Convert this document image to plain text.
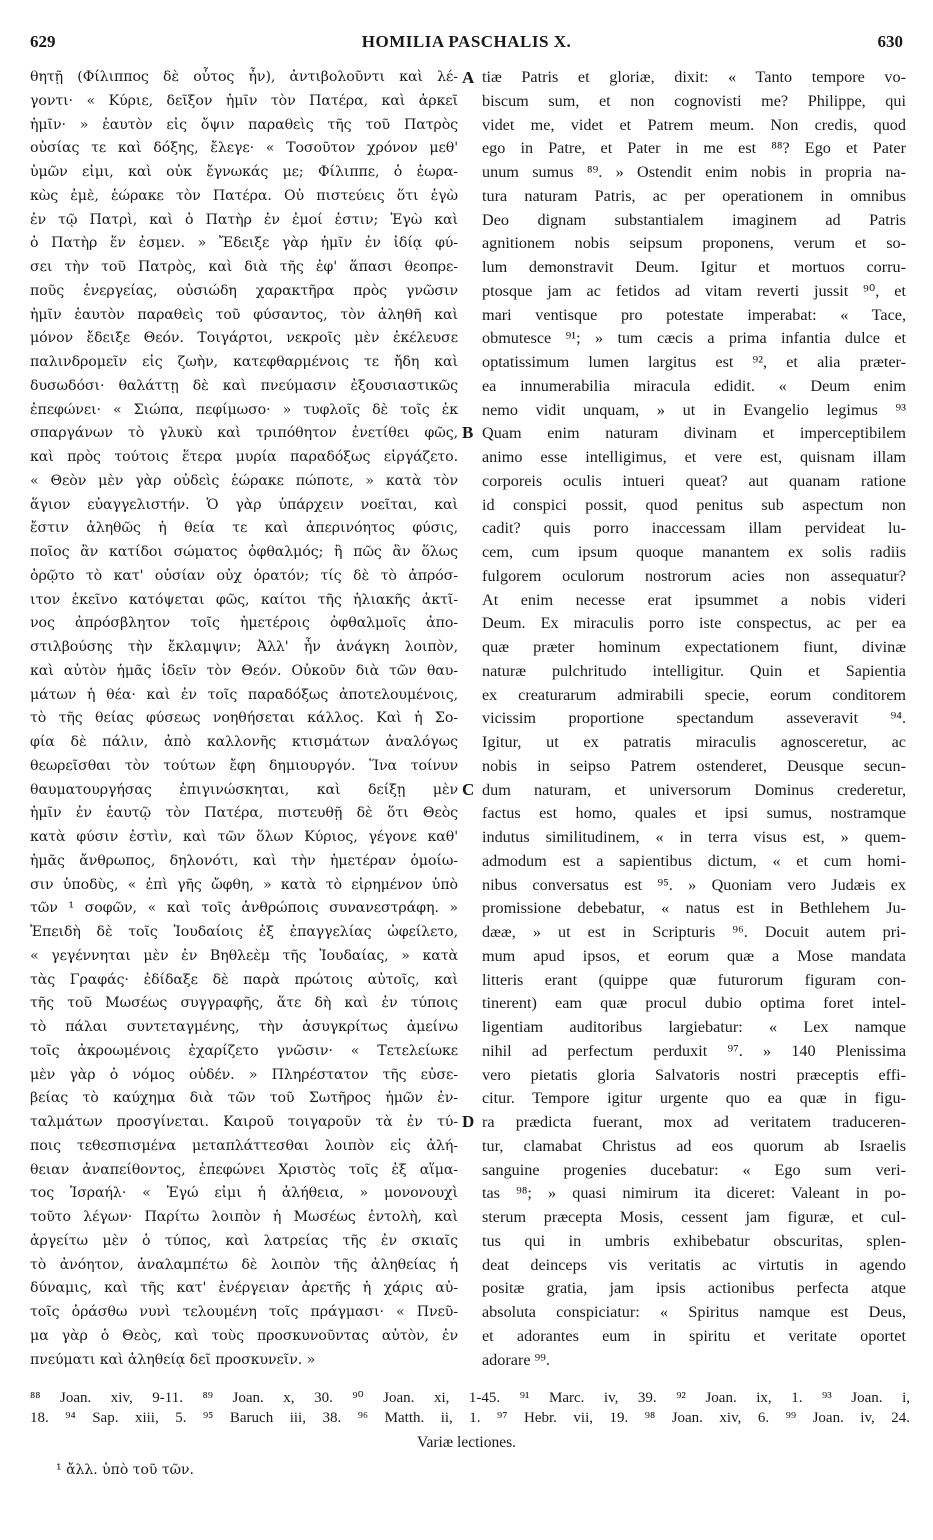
629	HOMILIA PASCHALIS X.	630
θητῇ (Φίλιππος δὲ οὗτος ἦν), ἀντιβολοῦντι καὶ λέ-
γοντι· « Κύριε, δεῖξον ἡμῖν τὸν Πατέρα, καὶ ἀρκεῖ
ἡμῖν· » ἑαυτὸν εἰς ὄψιν παραθεὶς τῆς τοῦ Πατρὸς
οὐσίας τε καὶ δόξης, ἔλεγε· « Τοσοῦτον χρόνον μεθ'
ὑμῶν εἰμι, καὶ οὐκ ἔγνωκάς με; Φίλιππε, ὁ ἑωρα-
κὼς ἐμὲ, ἑώρακε τὸν Πατέρα. Οὐ πιστεύεις ὅτι ἐγὼ
ἐν τῷ Πατρὶ, καὶ ὁ Πατὴρ ἐν ἐμοί ἐστιν; Ἐγὼ καὶ
ὁ Πατὴρ ἕν ἐσμεν. » Ἔδειξε γὰρ ἡμῖν ἐν ἰδίᾳ φύ-
σει τὴν τοῦ Πατρὸς, καὶ διὰ τῆς ἐφ' ἅπασι θεοπρε-
ποῦς ἐνεργείας, οὐσιώδη χαρακτῆρα πρὸς γνῶσιν
ἡμῖν ἑαυτὸν παραθεὶς τοῦ φύσαντος, τὸν ἀληθῆ καὶ
μόνον ἔδειξε Θεόν. Τοιγάρτοι, νεκροῖς μὲν ἐκέλευσε
παλινδρομεῖν εἰς ζωὴν, κατεφθαρμένοις τε ἤδη καὶ
δυσωδόσι· θαλάττῃ δὲ καὶ πνεύμασιν ἐξουσιαστικῶς
ἐπεφώνει· « Σιώπα, πεφίμωσο· » τυφλοῖς δὲ τοῖς ἐκ
σπαργάνων τὸ γλυκὺ καὶ τριπόθητον ἐνετίθει φῶς,
καὶ πρὸς τούτοις ἕτερα μυρία παραδόξως εἰργάζετο.
« Θεὸν μὲν γὰρ οὐδεὶς ἑώρακε πώποτε, » κατὰ τὸν
ἅγιον εὐαγγελιστήν. Ὁ γὰρ ὑπάρχειν νοεῖται, καὶ
ἔστιν ἀληθῶς ἡ θεία τε καὶ ἀπερινόητος φύσις,
ποῖος ἂν κατίδοι σώματος ὀφθαλμός; ἢ πῶς ἂν ὅλως
ὀρῷτο τὸ κατ' οὐσίαν οὐχ ὁρατόν; τίς δὲ τὸ ἀπρόσ-
ιτον ἐκεῖνο κατόψεται φῶς, καίτοι τῆς ἡλιακῆς ἀκτῖ-
νος ἀπρόσβλητον τοῖς ἡμετέροις ὀφθαλμοῖς ἀπο-
στιλβούσης τὴν ἔκλαμψιν; Ἀλλ' ἦν ἀνάγκη λοιπὸν,
καὶ αὐτὸν ἡμᾶς ἰδεῖν τὸν Θεόν. Οὐκοῦν διὰ τῶν θαυ-
μάτων ἡ θέα· καὶ ἐν τοῖς παραδόξως ἀποτελουμένοις,
τὸ τῆς θείας φύσεως νοηθήσεται κάλλος. Καὶ ἡ Σο-
φία δὲ πάλιν, ἀπὸ καλλονῆς κτισμάτων ἀναλόγως
θεωρεῖσθαι τὸν τούτων ἔφη δημιουργόν. Ἵνα τοίνυν
θαυματουργήσας ἐπιγινώσκηται, καὶ δείξῃ μὲν
ἡμῖν ἐν ἑαυτῷ τὸν Πατέρα, πιστευθῇ δὲ ὅτι Θεὸς
κατὰ φύσιν ἐστὶν, καὶ τῶν ὅλων Κύριος, γέγονε καθ'
ἡμᾶς ἄνθρωπος, δηλονότι, καὶ τὴν ἡμετέραν ὁμοίω-
σιν ὑποδὺς, « ἐπὶ γῆς ὤφθη, » κατὰ τὸ εἰρημένον ὑπὸ
τῶν ¹ σοφῶν, « καὶ τοῖς ἀνθρώποις συνανεστράφη. »
Ἐπειδὴ δὲ τοῖς Ἰουδαίοις ἐξ ἐπαγγελίας ὠφείλετο,
« γεγέννηται μὲν ἐν Βηθλεὲμ τῆς Ἰουδαίας, » κατὰ
τὰς Γραφάς· ἐδίδαξε δὲ παρὰ πρώτοις αὐτοῖς, καὶ
τῆς τοῦ Μωσέως συγγραφῆς, ἅτε δὴ καὶ ἐν τύποις
τὸ πάλαι συντεταγμένης, τὴν ἀσυγκρίτως ἀμείνω
τοῖς ἀκροωμένοις ἐχαρίζετο γνῶσιν· « Τετελείωκε
μὲν γὰρ ὁ νόμος οὐδέν. » Πληρέστατον τῆς εὐσε-
βείας τὸ καύχημα διὰ τῶν τοῦ Σωτῆρος ἡμῶν ἐν-
ταλμάτων προσγίνεται. Καιροῦ τοιγαροῦν τὰ ἐν τύ-
ποις τεθεσπισμένα μεταπλάττεσθαι λοιπὸν εἰς ἀλή-
θειαν ἀναπείθοντος, ἐπεφώνει Χριστὸς τοῖς ἐξ αἵμα-
τος Ἰσραήλ· « Ἐγώ εἰμι ἡ ἀλήθεια, » μονονουχὶ
τοῦτο λέγων· Παρίτω λοιπὸν ἡ Μωσέως ἐντολὴ, καὶ
ἀργείτω μὲν ὁ τύπος, καὶ λατρείας τῆς ἐν σκιαῖς
τὸ ἀνόητον, ἀναλαμπέτω δὲ λοιπὸν τῆς ἀληθείας ἡ
δύναμις, καὶ τῆς κατ' ἐνέργειαν ἀρετῆς ἡ χάρις αὐ-
τοῖς ὁράσθω νυνὶ τελουμένη τοῖς πράγμασι· « Πνεῦ-
μα γὰρ ὁ Θεὸς, καὶ τοὺς προσκυνοῦντας αὐτὸν, ἐν
πνεύματι καὶ ἀληθείᾳ δεῖ προσκυνεῖν. »
tiæ Patris et gloriæ, dixit: « Tanto tempore vo-
biscum sum, et non cognovisti me? Philippe, qui
videt me, videt et Patrem meum. Non credis, quod
ego in Patre, et Pater in me est ⁸⁸? Ego et Pater
unum sumus ⁸⁹. » Ostendit enim nobis in propria na-
tura naturam Patris, ac per operationem in omnibus
Deo dignam substantialem imaginem ad Patris
agnitionem nobis seipsum proponens, verum et so-
lum demonstravit Deum. Igitur et mortuos corru-
ptosque jam ac fetidos ad vitam reverti jussit ⁹⁰, et
mari ventisque pro potestate imperabat: « Tace,
obmutesce ⁹¹; » tum cæcis a prima infantia dulce et
optatissimum lumen largitus est ⁹², et alia præter-
ea innumerabilia miracula edidit. « Deum enim
nemo vidit unquam, » ut in Evangelio legimus ⁹³
Quam enim naturam divinam et imperceptibilem
animo esse intelligimus, et vere est, quisnam illam
corporeis oculis intueri queat? aut quanam ratione
id conspici possit, quod penitus sub aspectum non
cadit? quis porro inaccessam illam pervideat lu-
cem, cum ipsum quoque manantem ex solis radiis
fulgorem oculorum nostrorum acies non assequatur?
At enim necesse erat ipsummet a nobis videri
Deum. Ex miraculis porro iste conspectus, ac per ea
quæ præter hominum expectationem fiunt, divinæ
naturæ pulchritudo intelligitur. Quin et Sapientia
ex creaturarum admirabili specie, eorum conditorem
vicissim proportione spectandum asseveravit ⁹⁴.
Igitur, ut ex patratis miraculis agnosceretur, ac
nobis in seipso Patrem ostenderet, Deusque secun-
dum naturam, et universorum Dominus crederetur,
factus est homo, quales et ipsi sumus, nostramque
indutus similitudinem, « in terra visus est, » quem-
admodum est a sapientibus dictum, « et cum homi-
nibus conversatus est ⁹⁵. » Quoniam vero Judæis ex
promissione debebatur, « natus est in Bethlehem Ju-
dææ, » ut est in Scripturis ⁹⁶. Docuit autem pri-
mum apud ipsos, et eorum quæ a Mose mandata
litteris erant (quippe quæ futurorum figuram con-
tinerent) eam quæ procul dubio optima foret intel-
ligentiam auditoribus largiebatur: « Lex namque
nihil ad perfectum perduxit ⁹⁷. » 140 Plenissima
vero pietatis gloria Salvatoris nostri præceptis effi-
citur. Tempore igitur urgente quo ea quæ in figu-
ra prædicta fuerant, mox ad veritatem traduceren-
tur, clamabat Christus ad eos quorum ab Israelis
sanguine progenies ducebatur: « Ego sum veri-
tas ⁹⁸; » quasi nimirum ita diceret: Valeant in po-
sterum præcepta Mosis, cessent jam figuræ, et cul-
tus qui in umbris exhibebatur obscuritas, splen-
deat deinceps vis veritatis ac virtutis in agendo
positæ gratia, jam ipsis actionibus perfecta atque
absoluta conspiciatur: « Spiritus namque est Deus,
et adorantes eum in spiritu et veritate oportet
adorare ⁹⁹.
A
B
C
D
⁸⁸ Joan. xiv, 9-11. ⁸⁹ Joan. x, 30. ⁹⁰ Joan. xi, 1-45. ⁹¹ Marc. iv, 39. ⁹² Joan. ix, 1. ⁹³ Joan. i,
18. ⁹⁴ Sap. xiii, 5. ⁹⁵ Baruch iii, 38. ⁹⁶ Matth. ii, 1. ⁹⁷ Hebr. vii, 19. ⁹⁸ Joan. xiv, 6. ⁹⁹ Joan. iv, 24.
Variæ lectiones.
¹ ἄλλ. ὑπὸ τοῦ τῶν.
